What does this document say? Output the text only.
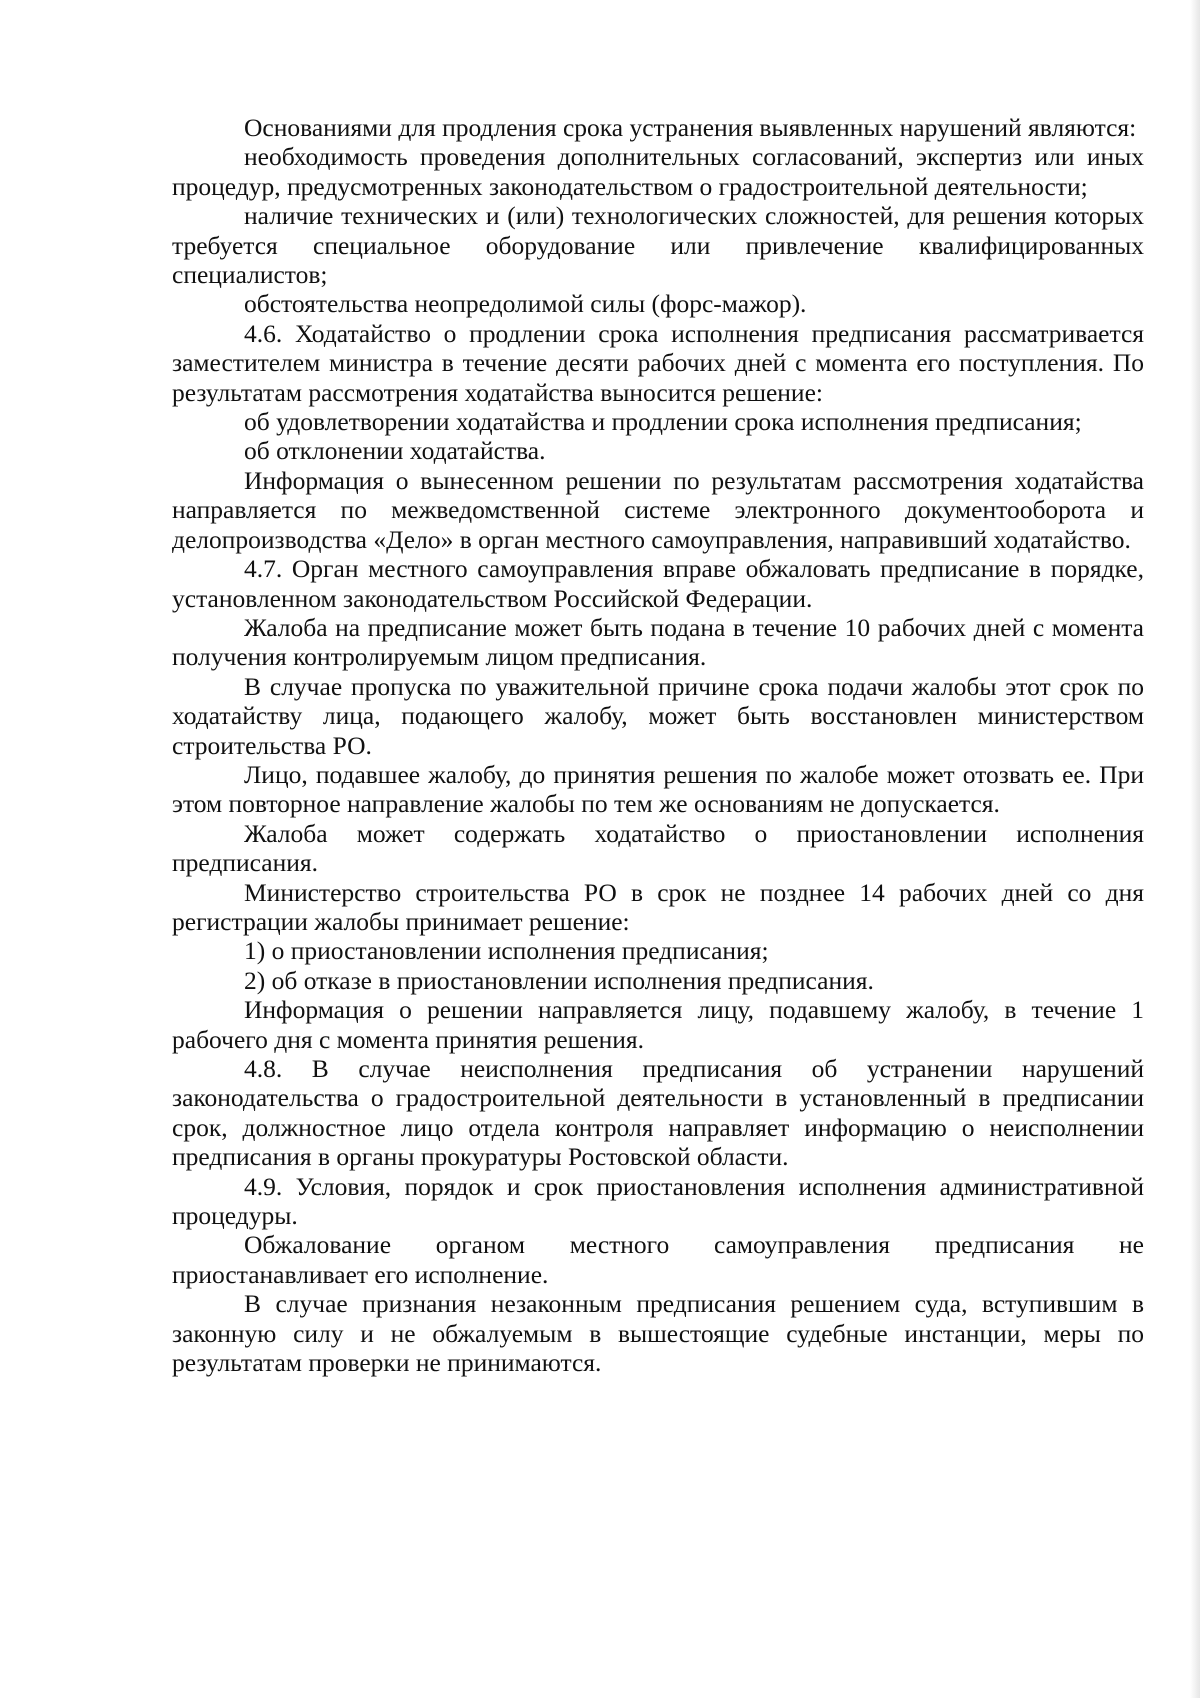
Основаниями для продления срока устранения выявленных нарушений являются:

необходимость проведения дополнительных согласований, экспертиз или иных процедур, предусмотренных законодательством о градостроительной деятельности;

наличие технических и (или) технологических сложностей, для решения которых требуется специальное оборудование или привлечение квалифицированных специалистов;

обстоятельства неопредолимой силы (форс-мажор).

4.6. Ходатайство о продлении срока исполнения предписания рассматривается заместителем министра в течение десяти рабочих дней с момента его поступления. По результатам рассмотрения ходатайства выносится решение:

об удовлетворении ходатайства и продлении срока исполнения предписания;

об отклонении ходатайства.

Информация о вынесенном решении по результатам рассмотрения ходатайства направляется по межведомственной системе электронного документооборота и делопроизводства «Дело» в орган местного самоуправления, направивший ходатайство.

4.7. Орган местного самоуправления вправе обжаловать предписание в порядке, установленном законодательством Российской Федерации.

Жалоба на предписание может быть подана в течение 10 рабочих дней с момента получения контролируемым лицом предписания.

В случае пропуска по уважительной причине срока подачи жалобы этот срок по ходатайству лица, подающего жалобу, может быть восстановлен министерством строительства РО.

Лицо, подавшее жалобу, до принятия решения по жалобе может отозвать ее. При этом повторное направление жалобы по тем же основаниям не допускается.

Жалоба может содержать ходатайство о приостановлении исполнения предписания.

Министерство строительства РО в срок не позднее 14 рабочих дней со дня регистрации жалобы принимает решение:

1) о приостановлении исполнения предписания;

2) об отказе в приостановлении исполнения предписания.

Информация о решении направляется лицу, подавшему жалобу, в течение 1 рабочего дня с момента принятия решения.

4.8. В случае неисполнения предписания об устранении нарушений законодательства о градостроительной деятельности в установленный в предписании срок, должностное лицо отдела контроля направляет информацию о неисполнении предписания в органы прокуратуры Ростовской области.

4.9. Условия, порядок и срок приостановления исполнения административной процедуры.

Обжалование органом местного самоуправления предписания не приостанавливает его исполнение.

В случае признания незаконным предписания решением суда, вступившим в законную силу и не обжалуемым в вышестоящие судебные инстанции, меры по результатам проверки не принимаются.
